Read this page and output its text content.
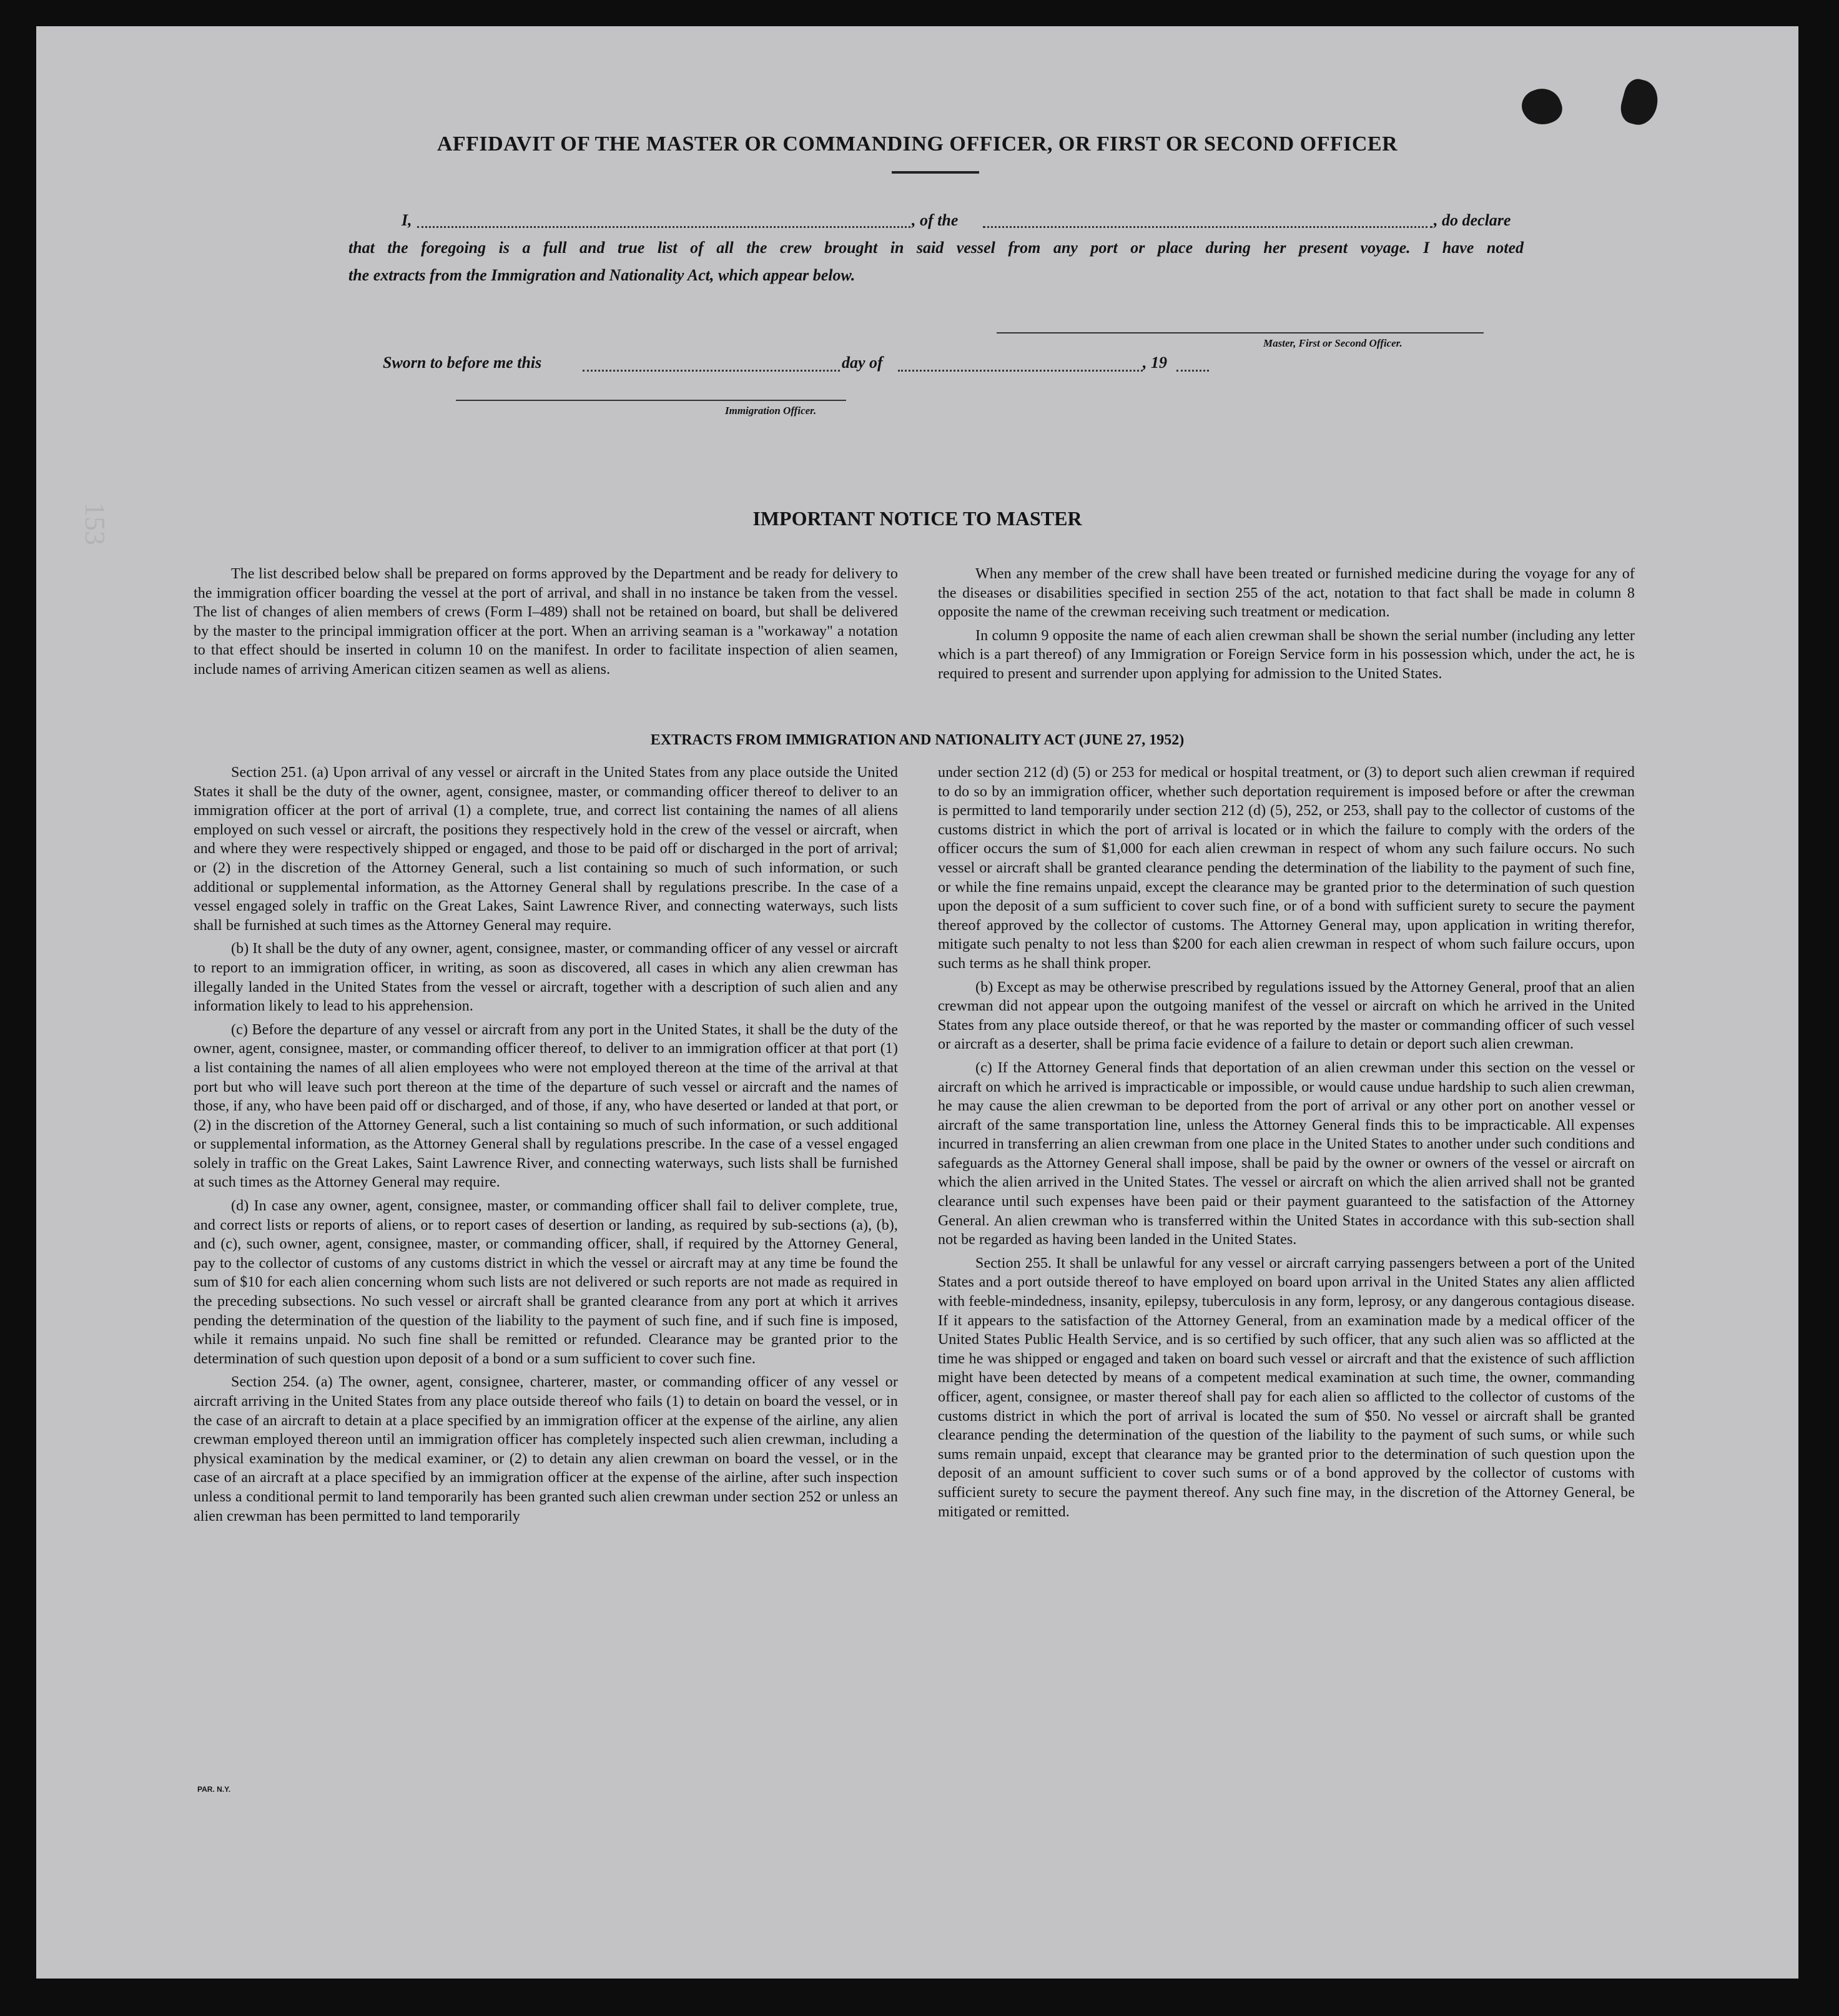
153
AFFIDAVIT OF THE MASTER OR COMMANDING OFFICER, OR FIRST OR SECOND OFFICER
I,	, of the	, do declare
that the foregoing is a full and true list of all the crew brought in said vessel from any port or place during her present voyage. I have noted
the extracts from the Immigration and Nationality Act, which appear below.
Master, First or Second Officer.
Sworn to before me this	day of	, 19
Immigration Officer.
IMPORTANT NOTICE TO MASTER

The list described below shall be prepared on forms approved by the Department and be ready for delivery to the immigration officer boarding the vessel at the port of arrival, and shall in no instance be taken from the vessel. The list of changes of alien members of crews (Form I–489) shall not be retained on board, but shall be delivered by the master to the principal immigration officer at the port. When an arriving seaman is a "workaway" a notation to that effect should be inserted in column 10 on the manifest. In order to facilitate inspection of alien seamen, include names of arriving American citizen seamen as well as aliens.

When any member of the crew shall have been treated or furnished medicine during the voyage for any of the diseases or disabilities specified in section 255 of the act, notation to that fact shall be made in column 8 opposite the name of the crewman receiving such treatment or medication.

In column 9 opposite the name of each alien crewman shall be shown the serial number (including any letter which is a part thereof) of any Immigration or Foreign Service form in his possession which, under the act, he is required to present and surrender upon applying for admission to the United States.

EXTRACTS FROM IMMIGRATION AND NATIONALITY ACT (JUNE 27, 1952)

Section 251. (a) Upon arrival of any vessel or aircraft in the United States from any place outside the United States it shall be the duty of the owner, agent, consignee, master, or commanding officer thereof to deliver to an immigration officer at the port of arrival (1) a complete, true, and correct list containing the names of all aliens employed on such vessel or aircraft, the positions they respectively hold in the crew of the vessel or aircraft, when and where they were respectively shipped or engaged, and those to be paid off or discharged in the port of arrival; or (2) in the discretion of the Attorney General, such a list containing so much of such information, or such additional or supplemental information, as the Attorney General shall by regulations prescribe. In the case of a vessel engaged solely in traffic on the Great Lakes, Saint Lawrence River, and connecting waterways, such lists shall be furnished at such times as the Attorney General may require.

(b) It shall be the duty of any owner, agent, consignee, master, or commanding officer of any vessel or aircraft to report to an immigration officer, in writing, as soon as discovered, all cases in which any alien crewman has illegally landed in the United States from the vessel or aircraft, together with a description of such alien and any information likely to lead to his apprehension.

(c) Before the departure of any vessel or aircraft from any port in the United States, it shall be the duty of the owner, agent, consignee, master, or commanding officer thereof, to deliver to an immigration officer at that port (1) a list containing the names of all alien employees who were not employed thereon at the time of the arrival at that port but who will leave such port thereon at the time of the departure of such vessel or aircraft and the names of those, if any, who have been paid off or discharged, and of those, if any, who have deserted or landed at that port, or (2) in the discretion of the Attorney General, such a list containing so much of such information, or such additional or supplemental information, as the Attorney General shall by regulations prescribe. In the case of a vessel engaged solely in traffic on the Great Lakes, Saint Lawrence River, and connecting waterways, such lists shall be furnished at such times as the Attorney General may require.

(d) In case any owner, agent, consignee, master, or commanding officer shall fail to deliver complete, true, and correct lists or reports of aliens, or to report cases of desertion or landing, as required by sub-sections (a), (b), and (c), such owner, agent, consignee, master, or commanding officer, shall, if required by the Attorney General, pay to the collector of customs of any customs district in which the vessel or aircraft may at any time be found the sum of $10 for each alien concerning whom such lists are not delivered or such reports are not made as required in the preceding subsections. No such vessel or aircraft shall be granted clearance from any port at which it arrives pending the determination of the question of the liability to the payment of such fine, and if such fine is imposed, while it remains unpaid. No such fine shall be remitted or refunded. Clearance may be granted prior to the determination of such question upon deposit of a bond or a sum sufficient to cover such fine.

Section 254. (a) The owner, agent, consignee, charterer, master, or commanding officer of any vessel or aircraft arriving in the United States from any place outside thereof who fails (1) to detain on board the vessel, or in the case of an aircraft to detain at a place specified by an immigration officer at the expense of the airline, any alien crewman employed thereon until an immigration officer has completely inspected such alien crewman, including a physical examination by the medical examiner, or (2) to detain any alien crewman on board the vessel, or in the case of an aircraft at a place specified by an immigration officer at the expense of the airline, after such inspection unless a conditional permit to land temporarily has been granted such alien crewman under section 252 or unless an alien crewman has been permitted to land temporarily

under section 212 (d) (5) or 253 for medical or hospital treatment, or (3) to deport such alien crewman if required to do so by an immigration officer, whether such deportation requirement is imposed before or after the crewman is permitted to land temporarily under section 212 (d) (5), 252, or 253, shall pay to the collector of customs of the customs district in which the port of arrival is located or in which the failure to comply with the orders of the officer occurs the sum of $1,000 for each alien crewman in respect of whom any such failure occurs. No such vessel or aircraft shall be granted clearance pending the determination of the liability to the payment of such fine, or while the fine remains unpaid, except the clearance may be granted prior to the determination of such question upon the deposit of a sum sufficient to cover such fine, or of a bond with sufficient surety to secure the payment thereof approved by the collector of customs. The Attorney General may, upon application in writing therefor, mitigate such penalty to not less than $200 for each alien crewman in respect of whom such failure occurs, upon such terms as he shall think proper.

(b) Except as may be otherwise prescribed by regulations issued by the Attorney General, proof that an alien crewman did not appear upon the outgoing manifest of the vessel or aircraft on which he arrived in the United States from any place outside thereof, or that he was reported by the master or commanding officer of such vessel or aircraft as a deserter, shall be prima facie evidence of a failure to detain or deport such alien crewman.

(c) If the Attorney General finds that deportation of an alien crewman under this section on the vessel or aircraft on which he arrived is impracticable or impossible, or would cause undue hardship to such alien crewman, he may cause the alien crewman to be deported from the port of arrival or any other port on another vessel or aircraft of the same transportation line, unless the Attorney General finds this to be impracticable. All expenses incurred in transferring an alien crewman from one place in the United States to another under such conditions and safeguards as the Attorney General shall impose, shall be paid by the owner or owners of the vessel or aircraft on which the alien arrived in the United States. The vessel or aircraft on which the alien arrived shall not be granted clearance until such expenses have been paid or their payment guaranteed to the satisfaction of the Attorney General. An alien crewman who is transferred within the United States in accordance with this sub-section shall not be regarded as having been landed in the United States.

Section 255. It shall be unlawful for any vessel or aircraft carrying passengers between a port of the United States and a port outside thereof to have employed on board upon arrival in the United States any alien afflicted with feeble-mindedness, insanity, epilepsy, tuberculosis in any form, leprosy, or any dangerous contagious disease. If it appears to the satisfaction of the Attorney General, from an examination made by a medical officer of the United States Public Health Service, and is so certified by such officer, that any such alien was so afflicted at the time he was shipped or engaged and taken on board such vessel or aircraft and that the existence of such affliction might have been detected by means of a competent medical examination at such time, the owner, commanding officer, agent, consignee, or master thereof shall pay for each alien so afflicted to the collector of customs of the customs district in which the port of arrival is located the sum of $50. No vessel or aircraft shall be granted clearance pending the determination of the question of the liability to the payment of such sums, or while such sums remain unpaid, except that clearance may be granted prior to the determination of such question upon the deposit of an amount sufficient to cover such sums or of a bond approved by the collector of customs with sufficient surety to secure the payment thereof. Any such fine may, in the discretion of the Attorney General, be mitigated or remitted.

PAR. N.Y.
